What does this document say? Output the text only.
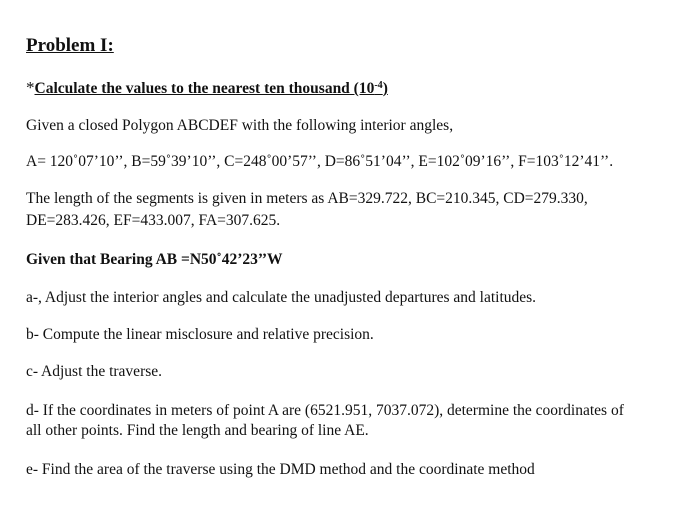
Problem I:
*Calculate the values to the nearest ten thousand $(10^{-4})$
Given a closed Polygon ABCDEF with the following interior angles,
A= 120˚07’10’’, B=59˚39’10’’, C=248˚00’57’’, D=86˚51’04’’, E=102˚09’16’’, F=103˚12’41’’.
The length of the segments is given in meters as AB=329.722, BC=210.345, CD=279.330,
DE=283.426, EF=433.007, FA=307.625.
Given that Bearing AB =N50˚42’23’’W
a-, Adjust the interior angles and calculate the unadjusted departures and latitudes.
b- Compute the linear misclosure and relative precision.
c- Adjust the traverse.
d- If the coordinates in meters of point A are (6521.951, 7037.072), determine the coordinates of
all other points. Find the length and bearing of line AE.
e- Find the area of the traverse using the DMD method and the coordinate method
